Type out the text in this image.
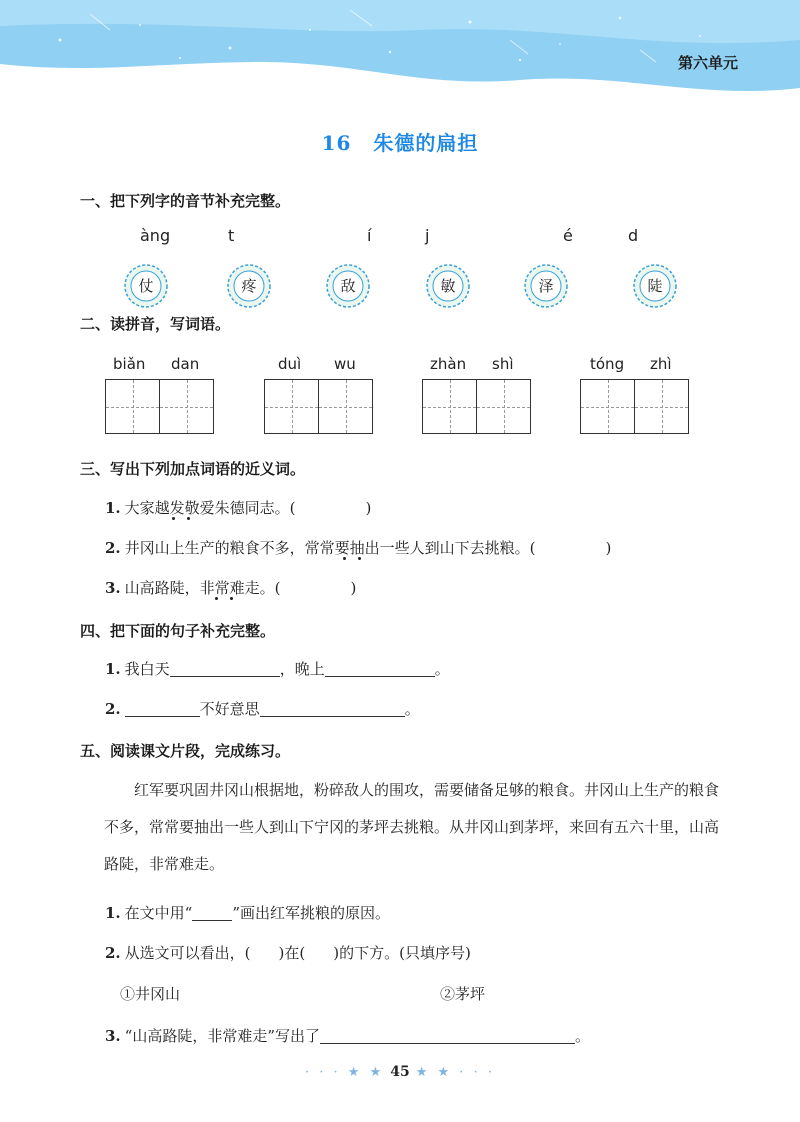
第六单元
16 朱德的扁担
一、把下列字的音节补充完整。
àng	t	í	j	é	d
仗	疼	敌	敏	泽	陡
二、读拼音，写词语。
biǎn dan	duì wu	zhàn shì	tóng zhì
三、写出下列加点词语的近义词。
1. 大家越发敬爱朱德同志。(	)
2. 井冈山上生产的粮食不多，常常要抽出一些人到山下去挑粮。(	)
3. 山高路陡，非常难走。(	)
四、把下面的句子补充完整。
1. 我白天	，晚上	。
2.	不好意思	。
五、阅读课文片段，完成练习。
红军要巩固井冈山根据地，粉碎敌人的围攻，需要储备足够的粮食。井冈山上生产的粮食不多，常常要抽出一些人到山下宁冈的茅坪去挑粮。从井冈山到茅坪，来回有五六十里，山高路陡，非常难走。
1. 在文中用“	”画出红军挑粮的原因。
2. 从选文可以看出，( )在( )的下方。(只填序号)
①井冈山	②茅坪
3. “山高路陡，非常难走”写出了	。
· · · ★ ★ 45 ★ ★ · · ·
